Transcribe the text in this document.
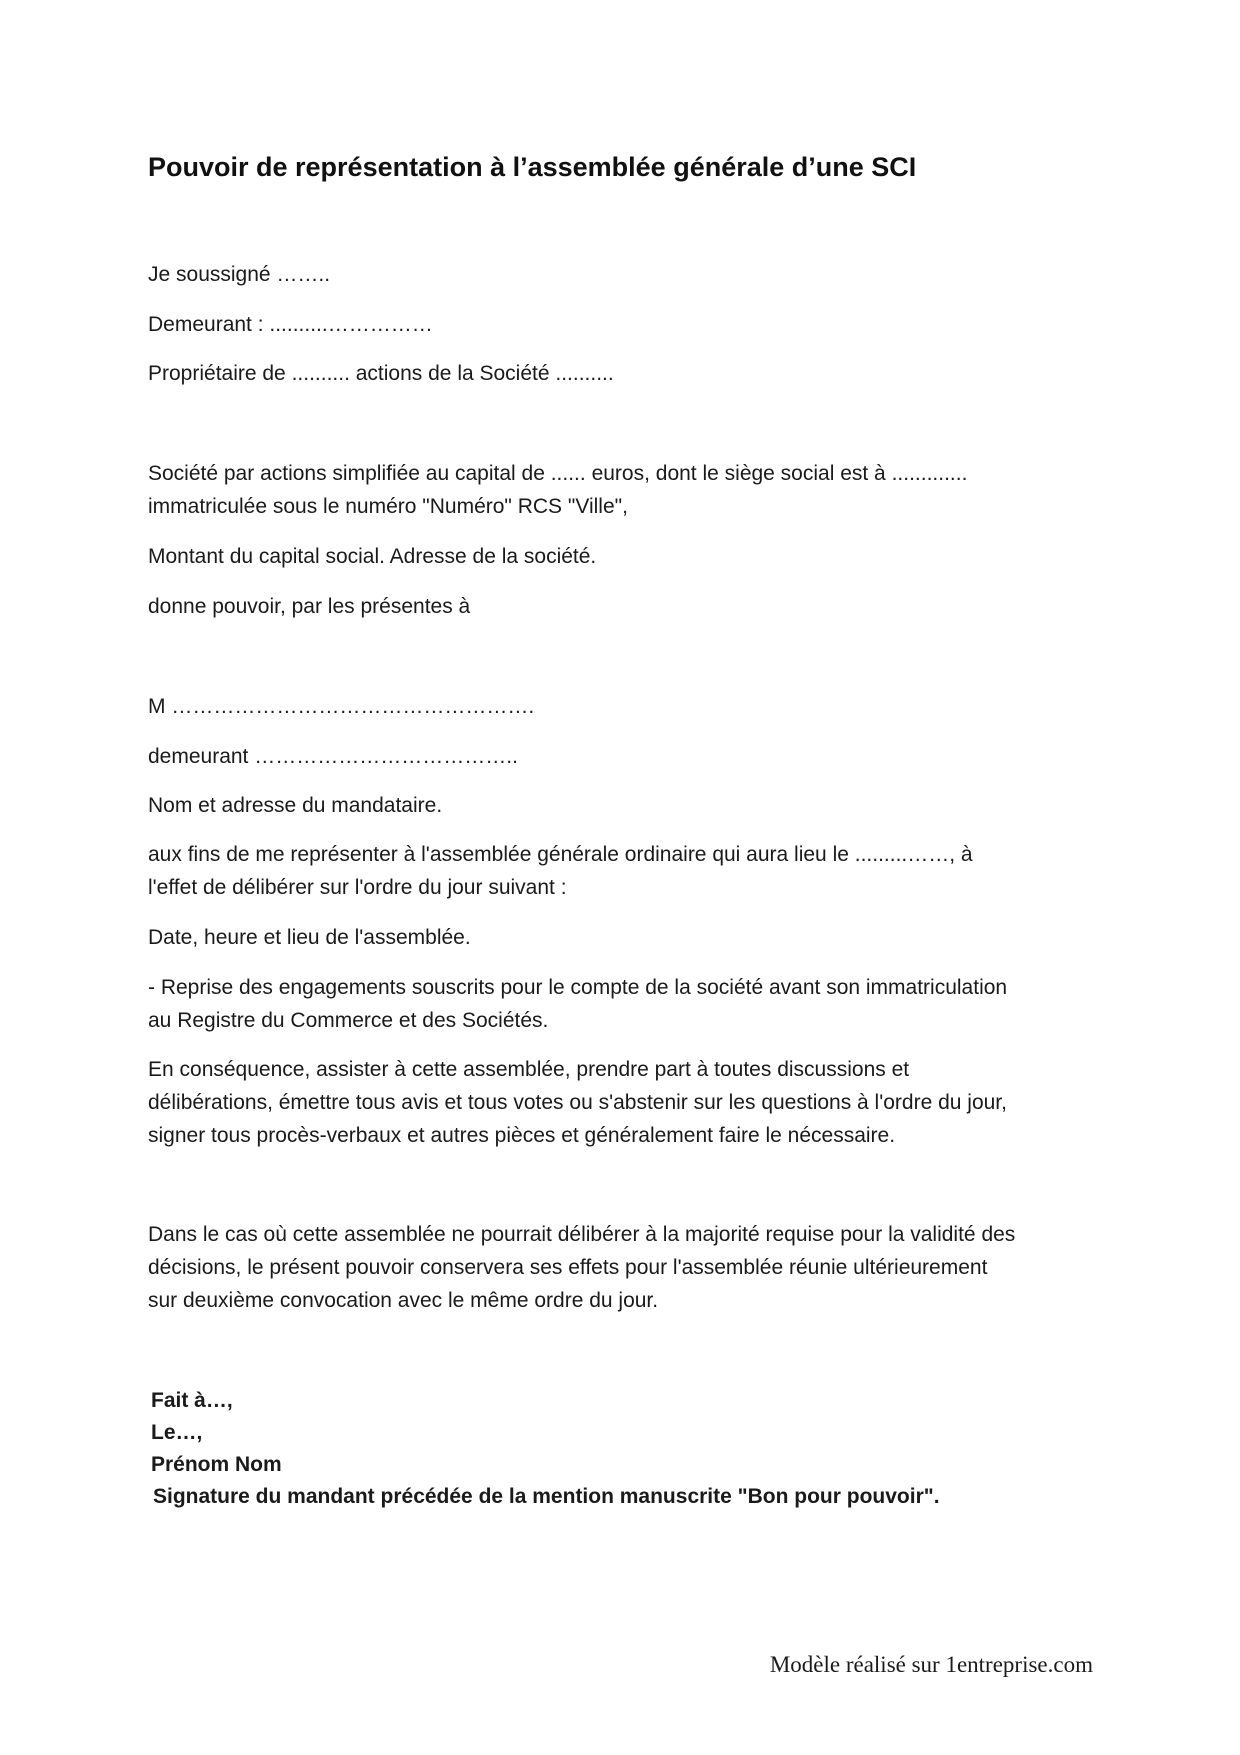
Pouvoir de représentation à l’assemblée générale d’une SCI
Je soussigné ……..
Demeurant : ..........……………
Propriétaire de .......... actions de la Société ..........
Société par actions simplifiée au capital de ...... euros, dont le siège social est à .............
immatriculée sous le numéro "Numéro" RCS "Ville",
Montant du capital social. Adresse de la société.
donne pouvoir, par les présentes à
M …………………………………………….
demeurant ………………………………..
Nom et adresse du mandataire.
aux fins de me représenter à l'assemblée générale ordinaire qui aura lieu le .........……, à
l'effet de délibérer sur l'ordre du jour suivant :
Date, heure et lieu de l'assemblée.
- Reprise des engagements souscrits pour le compte de la société avant son immatriculation
au Registre du Commerce et des Sociétés.
En conséquence, assister à cette assemblée, prendre part à toutes discussions et
délibérations, émettre tous avis et tous votes ou s'abstenir sur les questions à l'ordre du jour,
signer tous procès-verbaux et autres pièces et généralement faire le nécessaire.
Dans le cas où cette assemblée ne pourrait délibérer à la majorité requise pour la validité des
décisions, le présent pouvoir conservera ses effets pour l'assemblée réunie ultérieurement
sur deuxième convocation avec le même ordre du jour.
Fait à…,
Le…,
Prénom Nom
Signature du mandant précédée de la mention manuscrite "Bon pour pouvoir".
Modèle réalisé sur 1entreprise.com
